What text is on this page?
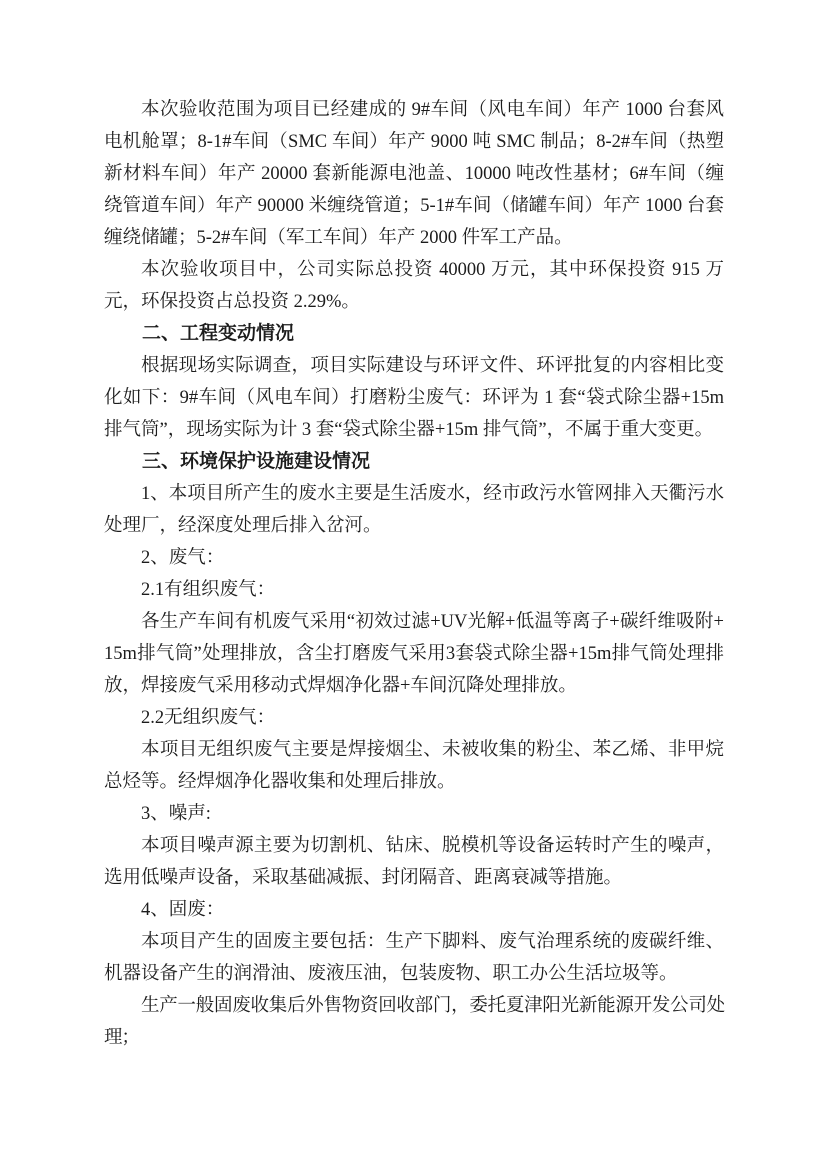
本次验收范围为项目已经建成的 9#车间（风电车间）年产 1000 台套风电机舱罩；8-1#车间（SMC 车间）年产 9000 吨 SMC 制品；8-2#车间（热塑新材料车间）年产 20000 套新能源电池盖、10000 吨改性基材；6#车间（缠绕管道车间）年产 90000 米缠绕管道；5-1#车间（储罐车间）年产 1000 台套缠绕储罐；5-2#车间（军工车间）年产 2000 件军工产品。

本次验收项目中，公司实际总投资 40000 万元，其中环保投资 915 万元，环保投资占总投资 2.29%。

二、工程变动情况

根据现场实际调查，项目实际建设与环评文件、环评批复的内容相比变化如下：9#车间（风电车间）打磨粉尘废气：环评为 1 套“袋式除尘器+15m 排气筒”，现场实际为计 3 套“袋式除尘器+15m 排气筒”，不属于重大变更。

三、环境保护设施建设情况

1、本项目所产生的废水主要是生活废水，经市政污水管网排入天衢污水处理厂，经深度处理后排入岔河。

2、废气：

2.1有组织废气：

各生产车间有机废气采用“初效过滤+UV光解+低温等离子+碳纤维吸附+15m排气筒”处理排放，含尘打磨废气采用3套袋式除尘器+15m排气筒处理排放，焊接废气采用移动式焊烟净化器+车间沉降处理排放。

2.2无组织废气：

本项目无组织废气主要是焊接烟尘、未被收集的粉尘、苯乙烯、非甲烷总烃等。经焊烟净化器收集和处理后排放。

3、噪声:

本项目噪声源主要为切割机、钻床、脱模机等设备运转时产生的噪声，选用低噪声设备，采取基础减振、封闭隔音、距离衰减等措施。

4、固废：

本项目产生的固废主要包括：生产下脚料、废气治理系统的废碳纤维、机器设备产生的润滑油、废液压油，包装废物、职工办公生活垃圾等。

生产一般固废收集后外售物资回收部门，委托夏津阳光新能源开发公司处理；
